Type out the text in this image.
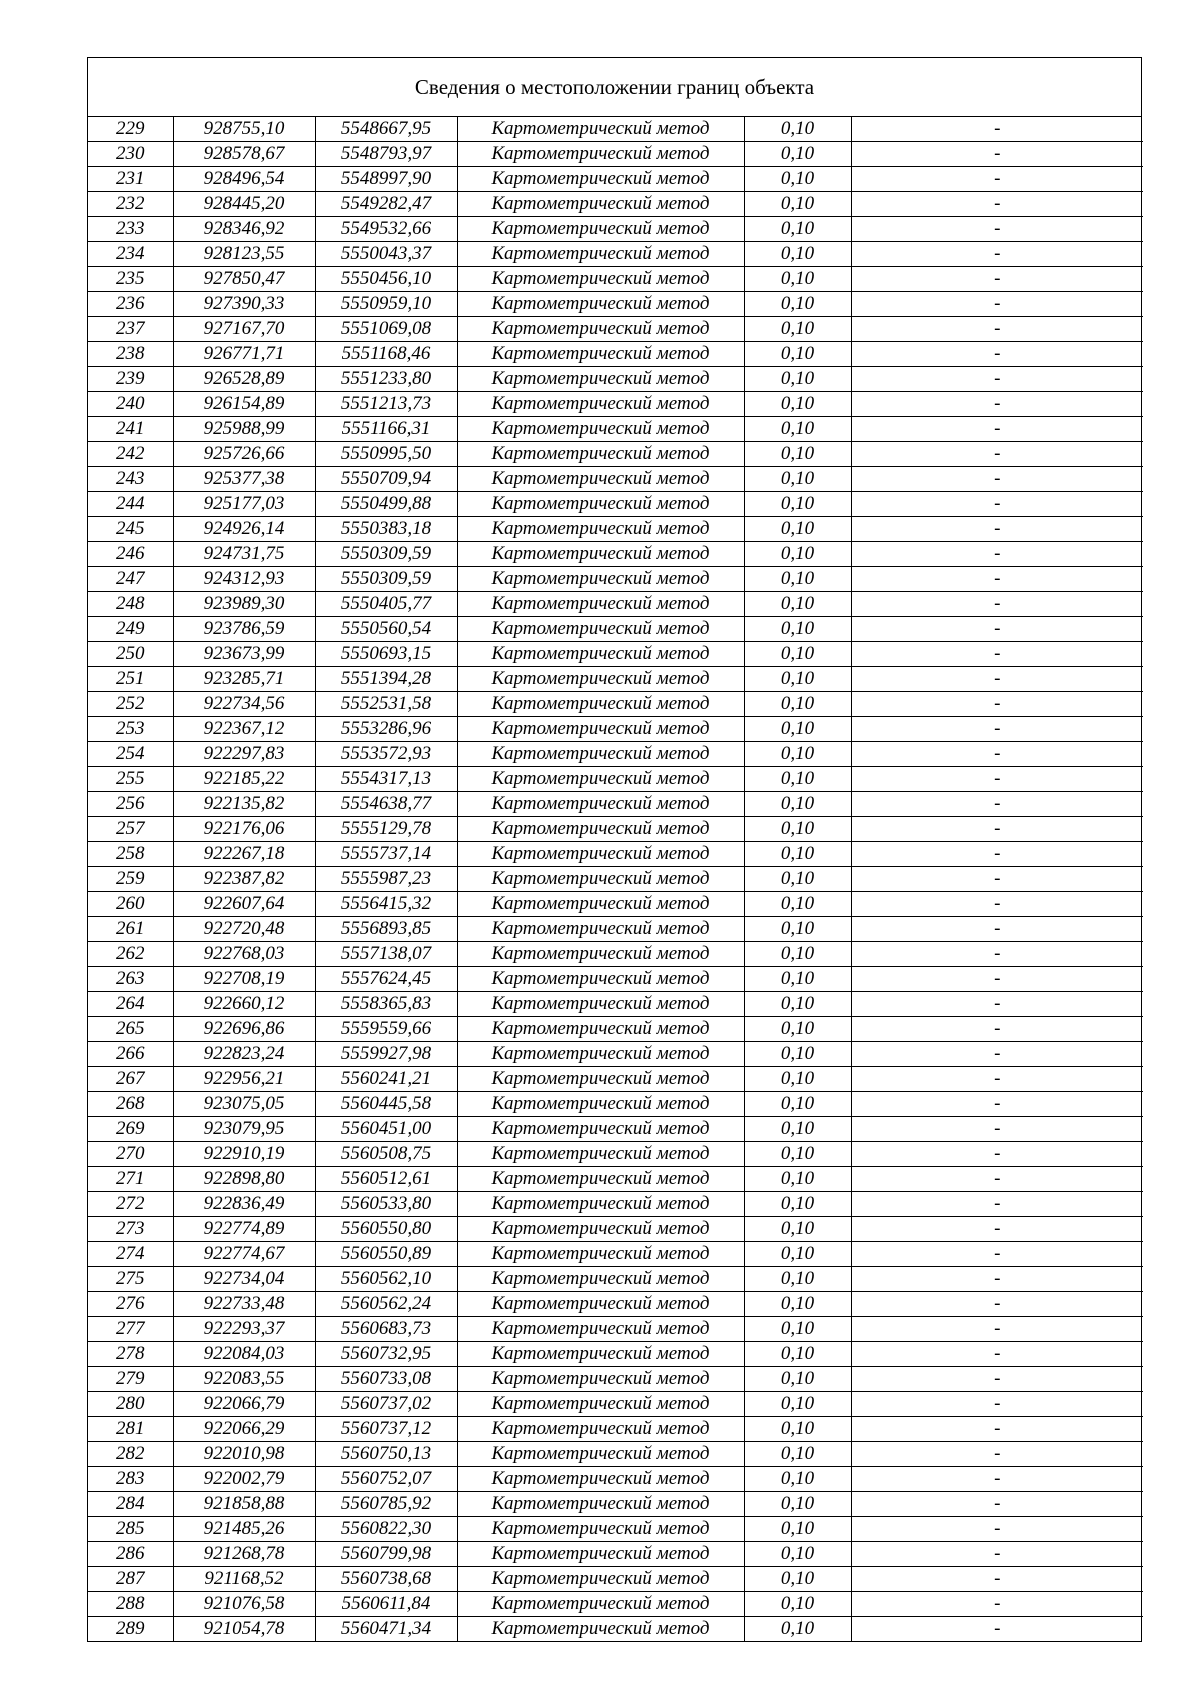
Сведения о местоположении границ объекта
229	928755,10	5548667,95	Картометрический метод	0,10	-
230	928578,67	5548793,97	Картометрический метод	0,10	-
231	928496,54	5548997,90	Картометрический метод	0,10	-
232	928445,20	5549282,47	Картометрический метод	0,10	-
233	928346,92	5549532,66	Картометрический метод	0,10	-
234	928123,55	5550043,37	Картометрический метод	0,10	-
235	927850,47	5550456,10	Картометрический метод	0,10	-
236	927390,33	5550959,10	Картометрический метод	0,10	-
237	927167,70	5551069,08	Картометрический метод	0,10	-
238	926771,71	5551168,46	Картометрический метод	0,10	-
239	926528,89	5551233,80	Картометрический метод	0,10	-
240	926154,89	5551213,73	Картометрический метод	0,10	-
241	925988,99	5551166,31	Картометрический метод	0,10	-
242	925726,66	5550995,50	Картометрический метод	0,10	-
243	925377,38	5550709,94	Картометрический метод	0,10	-
244	925177,03	5550499,88	Картометрический метод	0,10	-
245	924926,14	5550383,18	Картометрический метод	0,10	-
246	924731,75	5550309,59	Картометрический метод	0,10	-
247	924312,93	5550309,59	Картометрический метод	0,10	-
248	923989,30	5550405,77	Картометрический метод	0,10	-
249	923786,59	5550560,54	Картометрический метод	0,10	-
250	923673,99	5550693,15	Картометрический метод	0,10	-
251	923285,71	5551394,28	Картометрический метод	0,10	-
252	922734,56	5552531,58	Картометрический метод	0,10	-
253	922367,12	5553286,96	Картометрический метод	0,10	-
254	922297,83	5553572,93	Картометрический метод	0,10	-
255	922185,22	5554317,13	Картометрический метод	0,10	-
256	922135,82	5554638,77	Картометрический метод	0,10	-
257	922176,06	5555129,78	Картометрический метод	0,10	-
258	922267,18	5555737,14	Картометрический метод	0,10	-
259	922387,82	5555987,23	Картометрический метод	0,10	-
260	922607,64	5556415,32	Картометрический метод	0,10	-
261	922720,48	5556893,85	Картометрический метод	0,10	-
262	922768,03	5557138,07	Картометрический метод	0,10	-
263	922708,19	5557624,45	Картометрический метод	0,10	-
264	922660,12	5558365,83	Картометрический метод	0,10	-
265	922696,86	5559559,66	Картометрический метод	0,10	-
266	922823,24	5559927,98	Картометрический метод	0,10	-
267	922956,21	5560241,21	Картометрический метод	0,10	-
268	923075,05	5560445,58	Картометрический метод	0,10	-
269	923079,95	5560451,00	Картометрический метод	0,10	-
270	922910,19	5560508,75	Картометрический метод	0,10	-
271	922898,80	5560512,61	Картометрический метод	0,10	-
272	922836,49	5560533,80	Картометрический метод	0,10	-
273	922774,89	5560550,80	Картометрический метод	0,10	-
274	922774,67	5560550,89	Картометрический метод	0,10	-
275	922734,04	5560562,10	Картометрический метод	0,10	-
276	922733,48	5560562,24	Картометрический метод	0,10	-
277	922293,37	5560683,73	Картометрический метод	0,10	-
278	922084,03	5560732,95	Картометрический метод	0,10	-
279	922083,55	5560733,08	Картометрический метод	0,10	-
280	922066,79	5560737,02	Картометрический метод	0,10	-
281	922066,29	5560737,12	Картометрический метод	0,10	-
282	922010,98	5560750,13	Картометрический метод	0,10	-
283	922002,79	5560752,07	Картометрический метод	0,10	-
284	921858,88	5560785,92	Картометрический метод	0,10	-
285	921485,26	5560822,30	Картометрический метод	0,10	-
286	921268,78	5560799,98	Картометрический метод	0,10	-
287	921168,52	5560738,68	Картометрический метод	0,10	-
288	921076,58	5560611,84	Картометрический метод	0,10	-
289	921054,78	5560471,34	Картометрический метод	0,10	-
